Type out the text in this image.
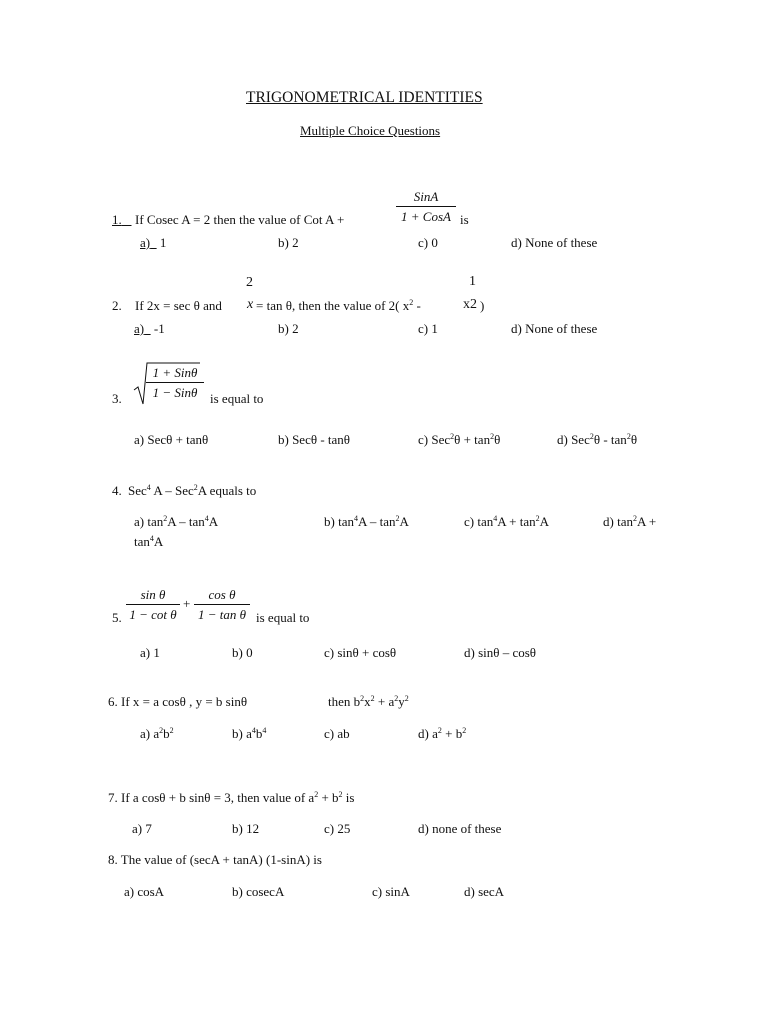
TRIGONOMETRICAL IDENTITIES
Multiple Choice Questions
1.	If Cosec A = 2 then the value of Cot A +
SinA
1 + CosA is
a)   1	b) 2	c) 0	d) None of these
2. If 2x = sec θ and
2
x = tan θ, then the value of 2( $x^2$ -
1
x2 )
a)   -1	b) 2	c) 1	d) None of these
3.
1 + Sinθ
1 − Sinθ is equal to
a) Secθ + tanθ	b) Secθ - tanθ	c) $Sec^2\theta + \tan^2\theta$	d) $Sec^2\theta - \tan^2\theta$
4. Sec$^4$ A – Sec$^2$A equals to
a) $\tan^2A - \tan^4A$	b) $\tan^4A - \tan^2A$	c) $\tan^4A + \tan^2A$	d) $\tan^2A$ +
$\tan^4A$
5.
sin θ
1 − cot θ
+
cos θ
1 − tan θ is equal to
a) 1	b) 0	c) sinθ + cosθ	d) sinθ – cosθ
6. If x = a cosθ , y = b sinθ	then $b^2x^2 + a^2y^2$
a) $a^2b^2$	b) $a^4b^4$	c) ab	d) $a^2 + b^2$
7. If a cosθ + b sinθ = 3, then value of $a^2 + b^2$ is
a) 7	b) 12	c) 25	d) none of these
8. The value of (secA + tanA) (1-sinA) is
a) cosA	b) cosecA	c) sinA	d) secA
